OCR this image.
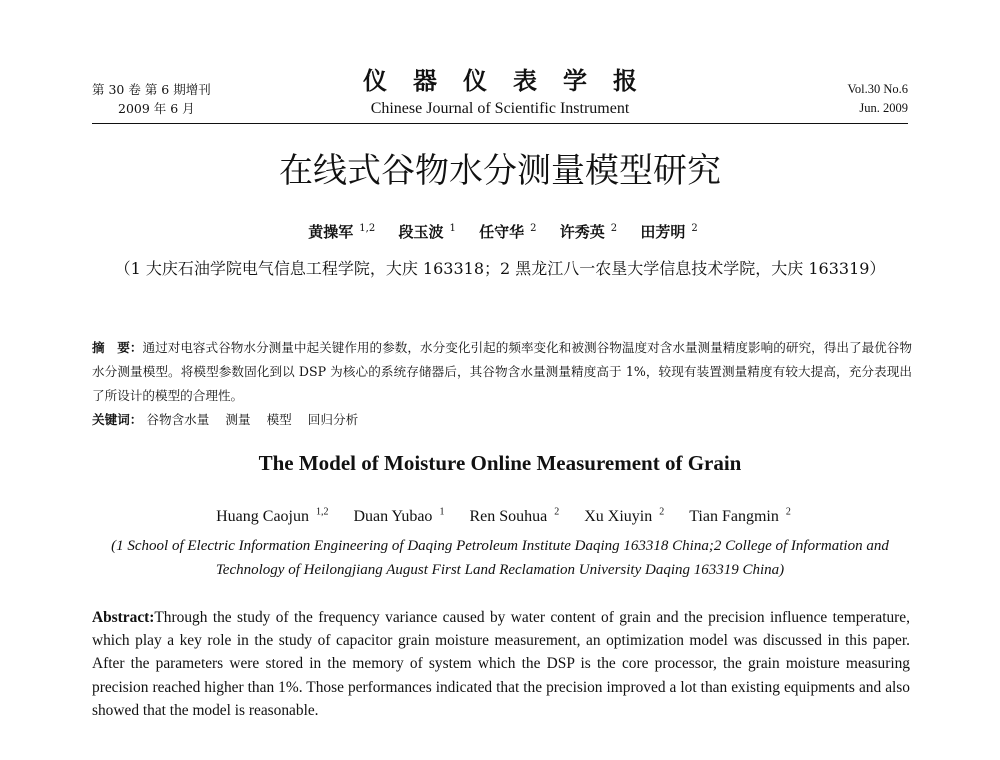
第 30 卷 第 6 期增刊
2009 年 6 月
仪器仪表学报
Chinese Journal of Scientific Instrument
Vol.30 No.6
Jun. 2009
在线式谷物水分测量模型研究
黄操军 $^{1,2}$ 段玉波 $^1$ 任守华 $^2$ 许秀英 $^2$ 田芳明 $^2$
（1 大庆石油学院电气信息工程学院，大庆 163318；2 黑龙江八一农垦大学信息技术学院，大庆 163319）
摘　要：通过对电容式谷物水分测量中起关键作用的参数，水分变化引起的频率变化和被测谷物温度对含水量测量精度影响的研究，得出了最优谷物水分测量模型。将模型参数固化到以 DSP 为核心的系统存储器后，其谷物含水量测量精度高于 1%，较现有装置测量精度有较大提高，充分表现出了所设计的模型的合理性。
关键词： 谷物含水量 测量 模型 回归分析
The Model of Moisture Online Measurement of Grain
Huang Caojun $^{1,2}$ Duan Yubao $^1$ Ren Souhua $^2$ Xu Xiuyin $^2$ Tian Fangmin $^2$
(1 School of Electric Information Engineering of Daqing Petroleum Institute Daqing 163318 China;2 College of Information and Technology of Heilongjiang August First Land Reclamation University Daqing 163319 China)
Abstract:Through the study of the frequency variance caused by water content of grain and the precision influence temperature, which play a key role in the study of capacitor grain moisture measurement, an optimization model was discussed in this paper. After the parameters were stored in the memory of system which the DSP is the core processor, the grain moisture measuring precision reached higher than 1%. Those performances indicated that the precision improved a lot than existing equipments and also showed that the model is reasonable.
